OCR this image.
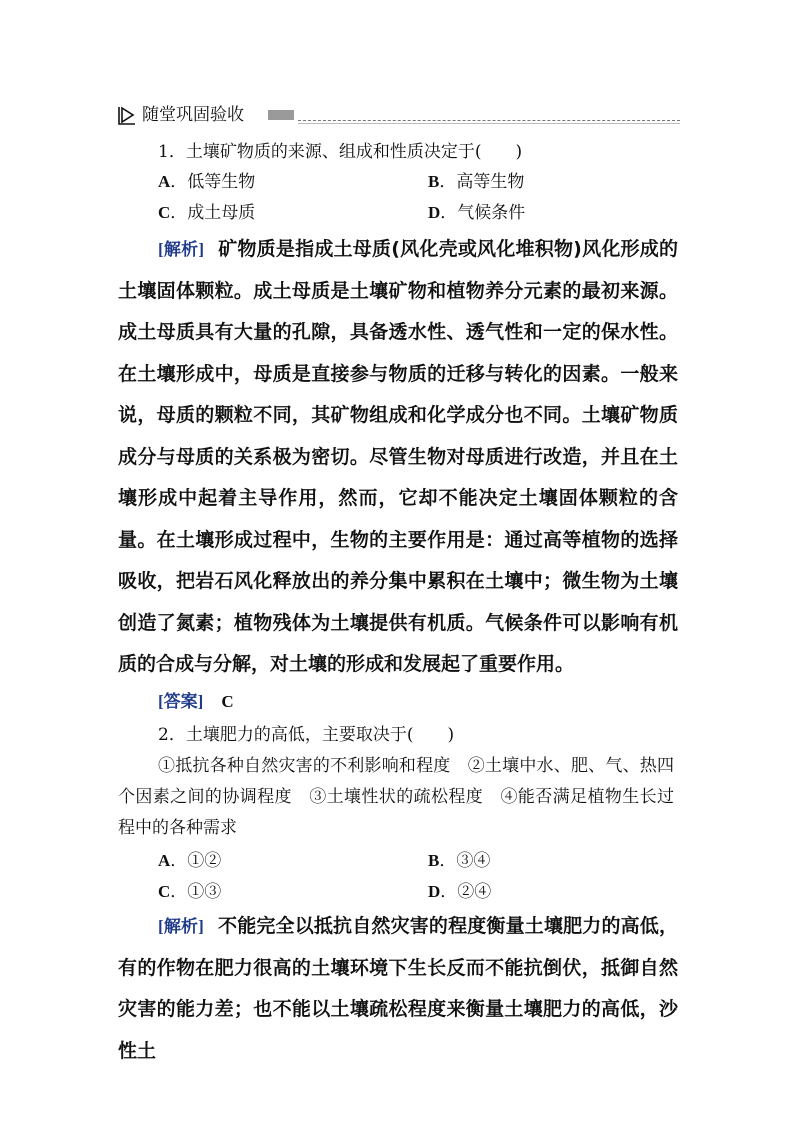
随堂巩固验收
1．土壤矿物质的来源、组成和性质决定于(　　)
A．低等生物	B．高等生物
C．成土母质	D．气候条件

[解析] 矿物质是指成土母质(风化壳或风化堆积物)风化形成的土壤固体颗粒。成土母质是土壤矿物和植物养分元素的最初来源。成土母质具有大量的孔隙，具备透水性、透气性和一定的保水性。在土壤形成中，母质是直接参与物质的迁移与转化的因素。一般来说，母质的颗粒不同，其矿物组成和化学成分也不同。土壤矿物质成分与母质的关系极为密切。尽管生物对母质进行改造，并且在土壤形成中起着主导作用，然而，它却不能决定土壤固体颗粒的含量。在土壤形成过程中，生物的主要作用是：通过高等植物的选择吸收，把岩石风化释放出的养分集中累积在土壤中；微生物为土壤创造了氮素；植物残体为土壤提供有机质。气候条件可以影响有机质的合成与分解，对土壤的形成和发展起了重要作用。

[答案] C
2．土壤肥力的高低，主要取决于(　　)

①抵抗各种自然灾害的不利影响和程度　②土壤中水、肥、气、热四个因素之间的协调程度　③土壤性状的疏松程度　④能否满足植物生长过程中的各种需求

A．①②	B．③④
C．①③	D．②④

[解析] 不能完全以抵抗自然灾害的程度衡量土壤肥力的高低，有的作物在肥力很高的土壤环境下生长反而不能抗倒伏，抵御自然灾害的能力差；也不能以土壤疏松程度来衡量土壤肥力的高低，沙性土
